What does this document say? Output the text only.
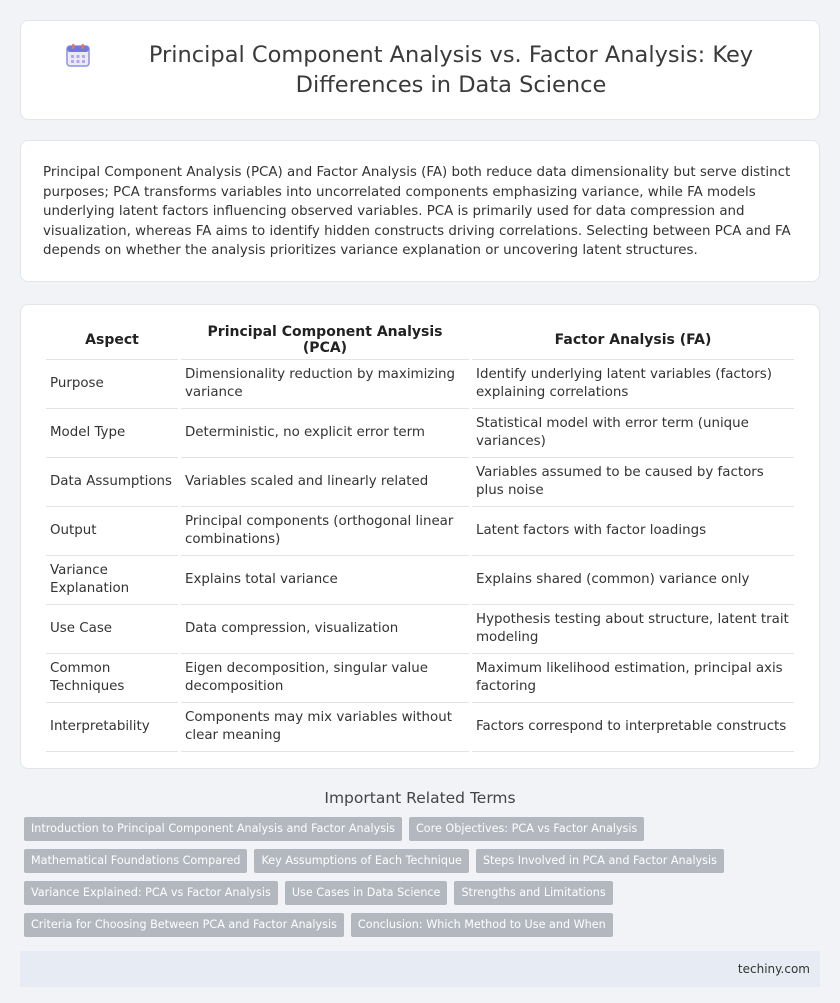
Principal Component Analysis vs. Factor Analysis: Key Differences in Data Science

Principal Component Analysis (PCA) and Factor Analysis (FA) both reduce data dimensionality but serve distinct purposes; PCA transforms variables into uncorrelated components emphasizing variance, while FA models underlying latent factors influencing observed variables. PCA is primarily used for data compression and visualization, whereas FA aims to identify hidden constructs driving correlations. Selecting between PCA and FA depends on whether the analysis prioritizes variance explanation or uncovering latent structures.

Aspect	Principal Component Analysis (PCA)	Factor Analysis (FA)
Purpose	Dimensionality reduction by maximizing variance	Identify underlying latent variables (factors) explaining correlations
Model Type	Deterministic, no explicit error term	Statistical model with error term (unique variances)
Data Assumptions	Variables scaled and linearly related	Variables assumed to be caused by factors plus noise
Output	Principal components (orthogonal linear combinations)	Latent factors with factor loadings
Variance Explanation	Explains total variance	Explains shared (common) variance only
Use Case	Data compression, visualization	Hypothesis testing about structure, latent trait modeling
Common Techniques	Eigen decomposition, singular value decomposition	Maximum likelihood estimation, principal axis factoring
Interpretability	Components may mix variables without clear meaning	Factors correspond to interpretable constructs
Important Related Terms
Introduction to Principal Component Analysis and Factor Analysis	Core Objectives: PCA vs Factor Analysis
Mathematical Foundations Compared	Key Assumptions of Each Technique	Steps Involved in PCA and Factor Analysis
Variance Explained: PCA vs Factor Analysis	Use Cases in Data Science	Strengths and Limitations
Criteria for Choosing Between PCA and Factor Analysis	Conclusion: Which Method to Use and When
techiny.com
